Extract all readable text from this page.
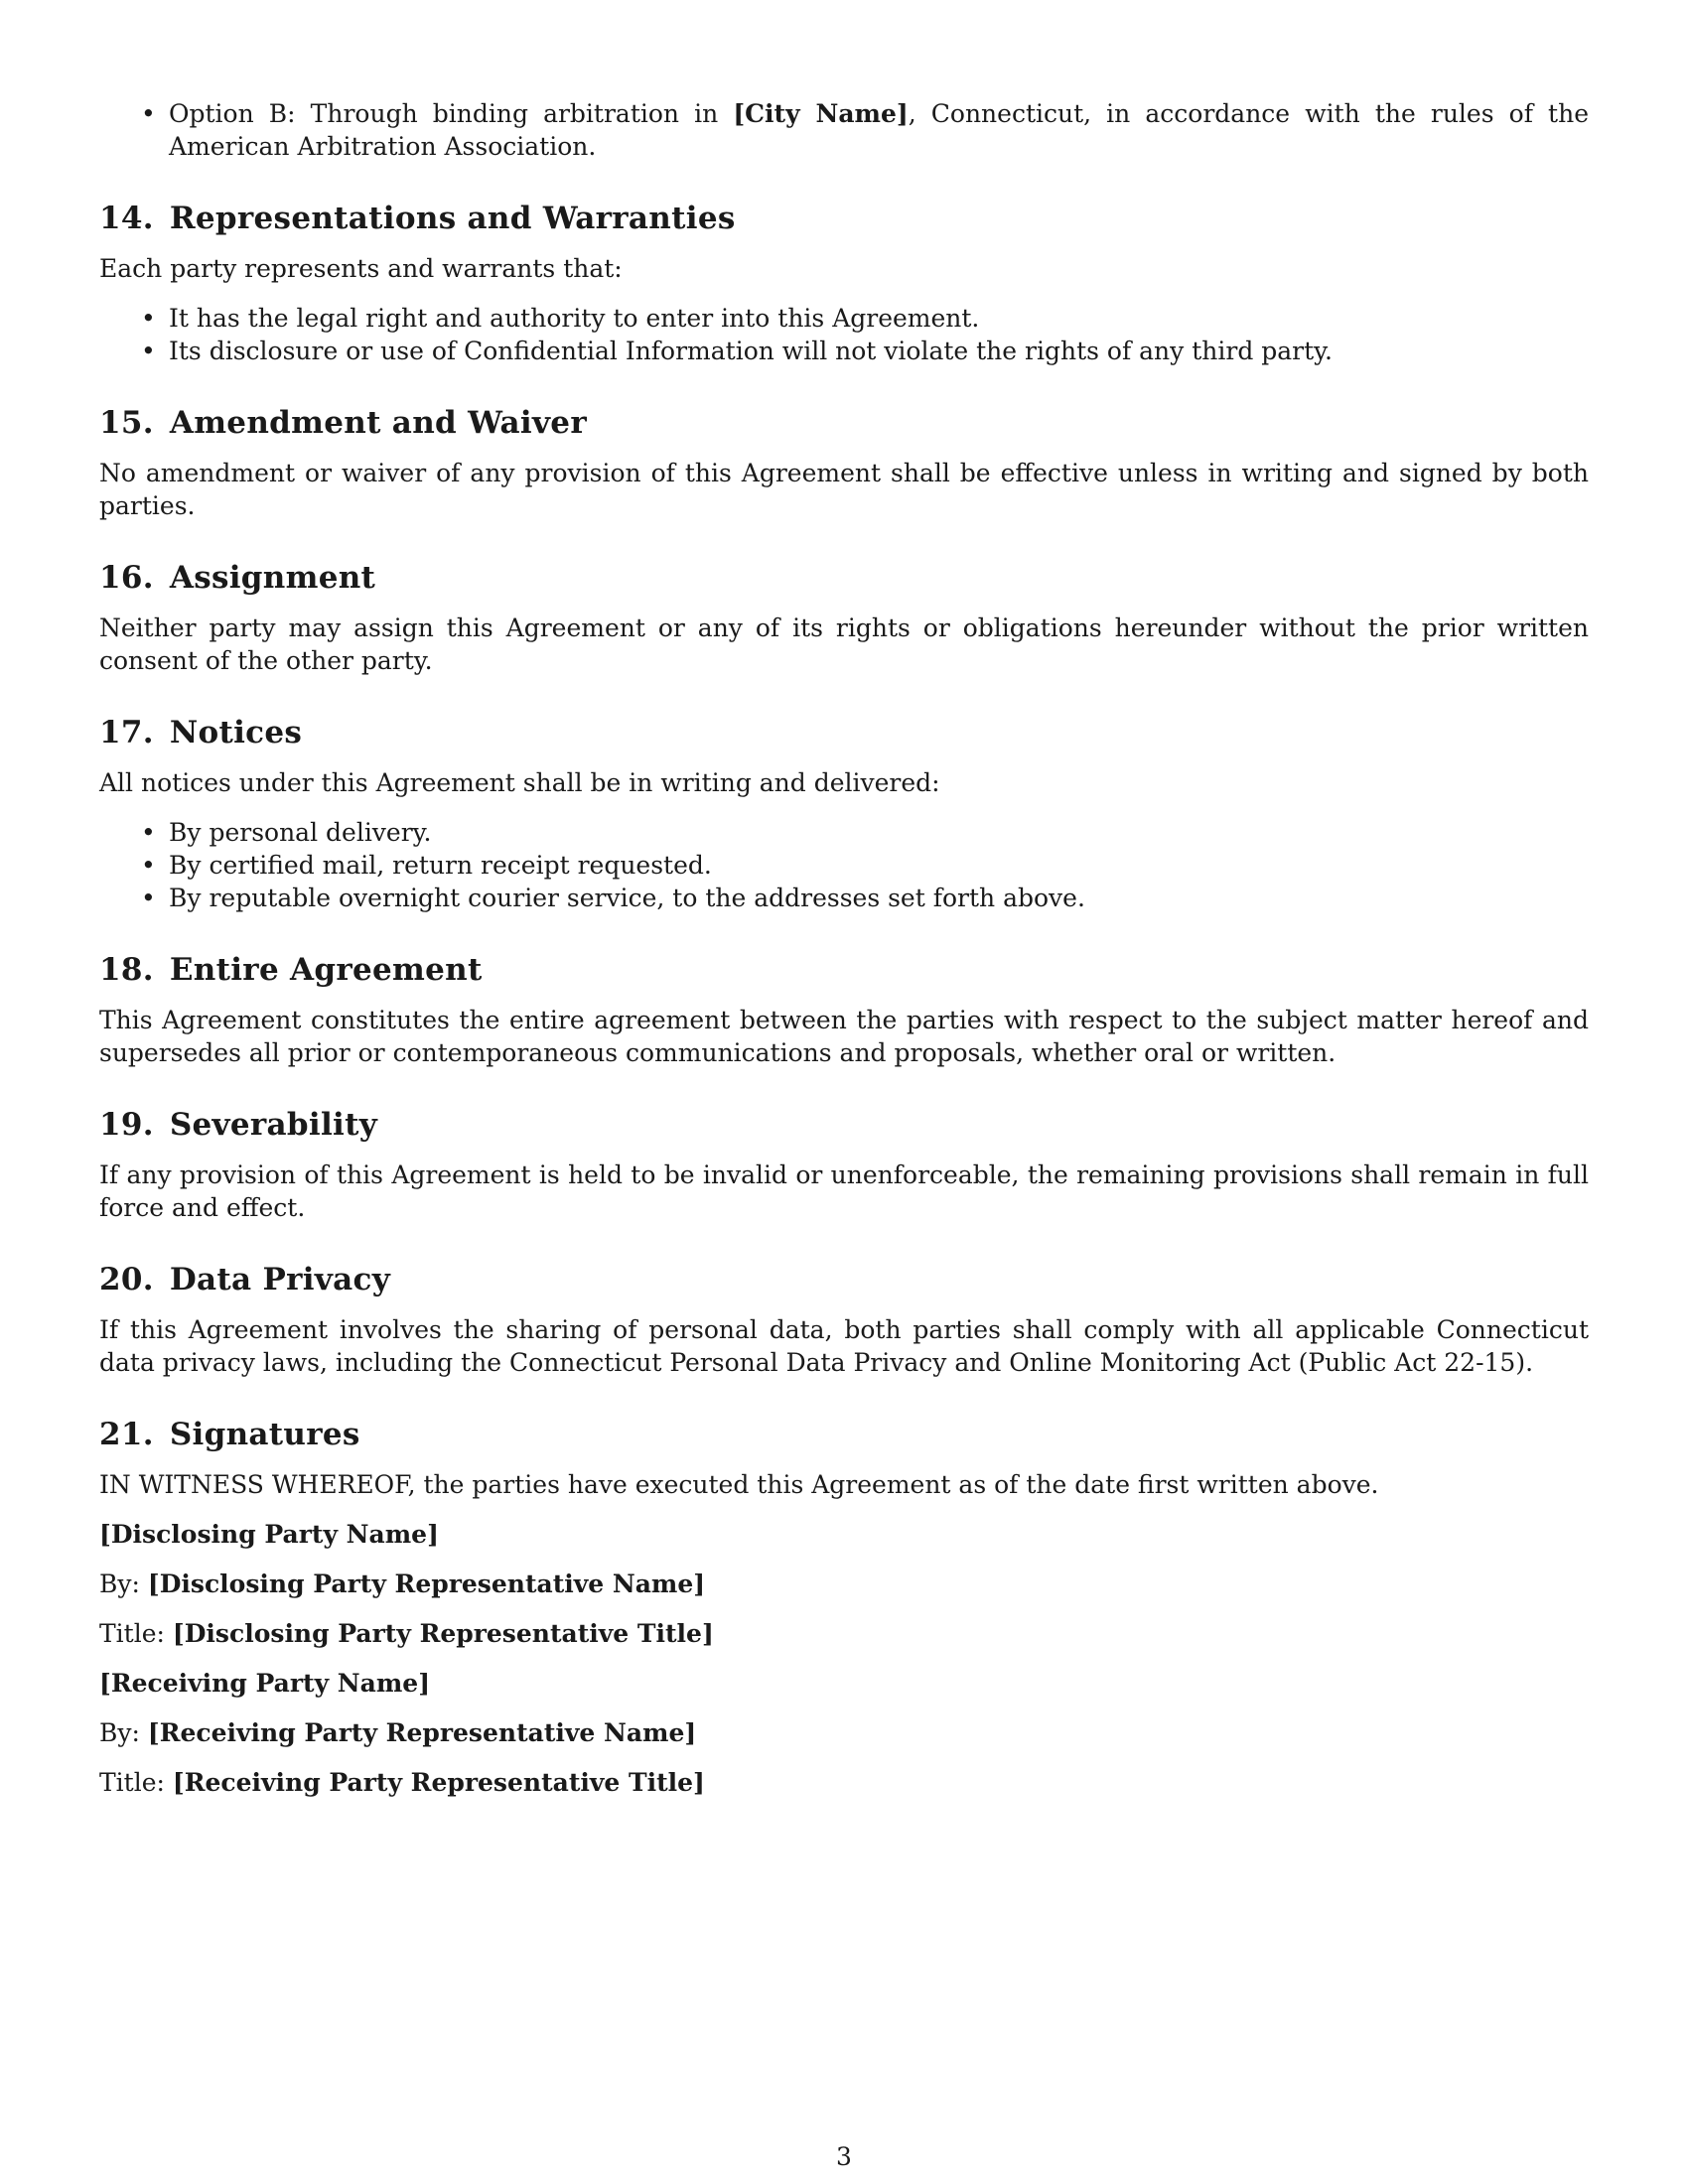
• Option B: Through binding arbitration in [City Name], Connecticut, in accordance with the rules of the American Arbitration Association.
14. Representations and Warranties

Each party represents and warrants that:

• It has the legal right and authority to enter into this Agreement.
• Its disclosure or use of Confidential Information will not violate the rights of any third party.
15. Amendment and Waiver

No amendment or waiver of any provision of this Agreement shall be effective unless in writing and signed by both parties.

16. Assignment

Neither party may assign this Agreement or any of its rights or obligations hereunder without the prior written consent of the other party.

17. Notices

All notices under this Agreement shall be in writing and delivered:

• By personal delivery.
• By certified mail, return receipt requested.
• By reputable overnight courier service, to the addresses set forth above.
18. Entire Agreement

This Agreement constitutes the entire agreement between the parties with respect to the subject matter hereof and supersedes all prior or contemporaneous communications and proposals, whether oral or written.

19. Severability

If any provision of this Agreement is held to be invalid or unenforceable, the remaining provisions shall remain in full force and effect.

20. Data Privacy

If this Agreement involves the sharing of personal data, both parties shall comply with all applicable Connecticut data privacy laws, including the Connecticut Personal Data Privacy and Online Monitoring Act (Public Act 22-15).

21. Signatures

IN WITNESS WHEREOF, the parties have executed this Agreement as of the date first written above.

[Disclosing Party Name]

By: [Disclosing Party Representative Name]

Title: [Disclosing Party Representative Title]

[Receiving Party Name]

By: [Receiving Party Representative Name]

Title: [Receiving Party Representative Title]

3
